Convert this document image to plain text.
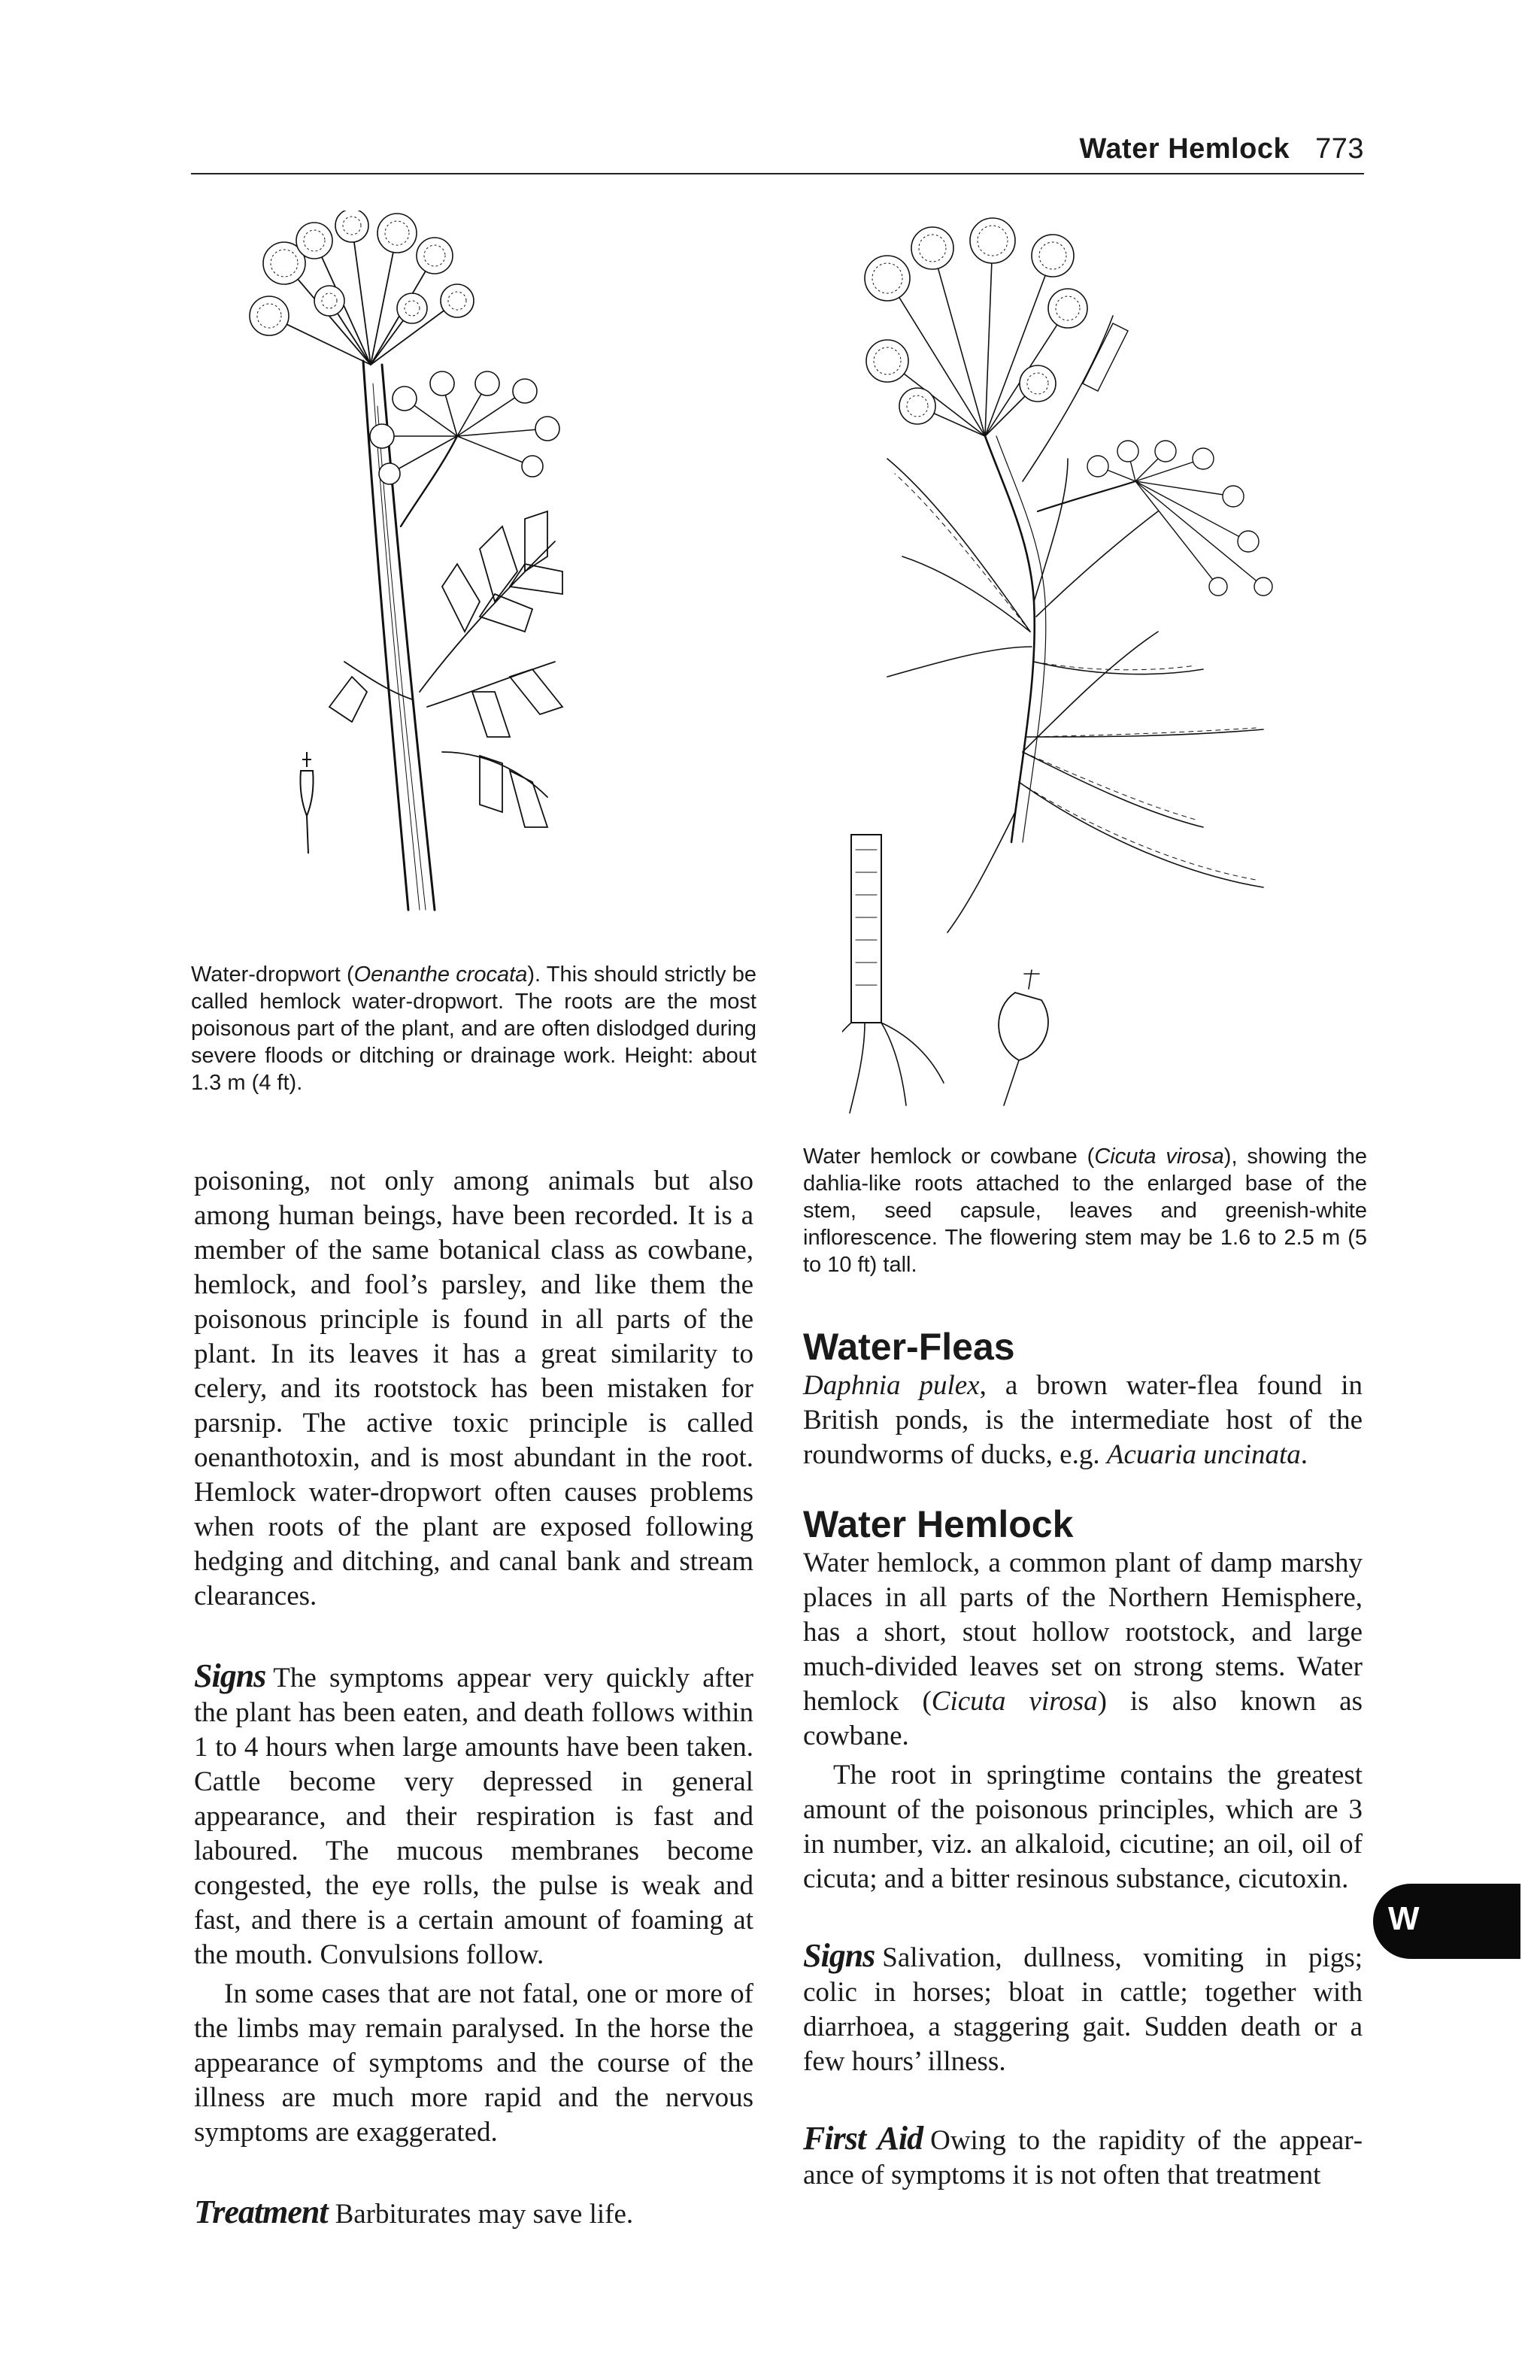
Water Hemlock 773
Water-dropwort (Oenanthe crocata). This should strictly be called hemlock water-dropwort. The roots are the most poisonous part of the plant, and are often dislodged during severe floods or ditching or drainage work. Height: about 1.3 m (4 ft).
Water hemlock or cowbane (Cicuta virosa), showing the dahlia-like roots attached to the enlarged base of the stem, seed capsule, leaves and greenish-white inflorescence. The flowering stem may be 1.6 to 2.5 m (5 to 10 ft) tall.

poisoning, not only among animals but also among human beings, have been recorded. It is a member of the same botanical class as cowbane, hemlock, and fool’s parsley, and like them the poisonous principle is found in all parts of the plant. In its leaves it has a great similarity to celery, and its rootstock has been mistaken for parsnip. The active toxic principle is called oenanthotoxin, and is most abundant in the root. Hemlock water-dropwort often causes problems when roots of the plant are exposed following hedging and ditching, and canal bank and stream clearances.

Signs The symptoms appear very quickly after the plant has been eaten, and death follows within 1 to 4 hours when large amounts have been taken. Cattle become very depressed in general appearance, and their respiration is fast and laboured. The mucous membranes become congested, the eye rolls, the pulse is weak and fast, and there is a certain amount of foaming at the mouth. Convulsions follow.

In some cases that are not fatal, one or more of the limbs may remain paralysed. In the horse the appearance of symptoms and the course of the illness are much more rapid and the nervous symptoms are exaggerated.

Treatment Barbiturates may save life.

Water-Fleas

Daphnia pulex, a brown water-flea found in British ponds, is the intermediate host of the roundworms of ducks, e.g. Acuaria uncinata.

Water Hemlock

Water hemlock, a common plant of damp marshy places in all parts of the Northern Hemisphere, has a short, stout hollow rootstock, and large much-divided leaves set on strong stems. Water hemlock (Cicuta virosa) is also known as cowbane.

The root in springtime contains the greatest amount of the poisonous principles, which are 3 in number, viz. an alkaloid, cicutine; an oil, oil of cicuta; and a bitter resinous substance, cicutoxin.

Signs Salivation, dullness, vomiting in pigs; colic in horses; bloat in cattle; together with diarrhoea, a staggering gait. Sudden death or a few hours’ illness.

First Aid Owing to the rapidity of the appearance of symptoms it is not often that treatment

W
